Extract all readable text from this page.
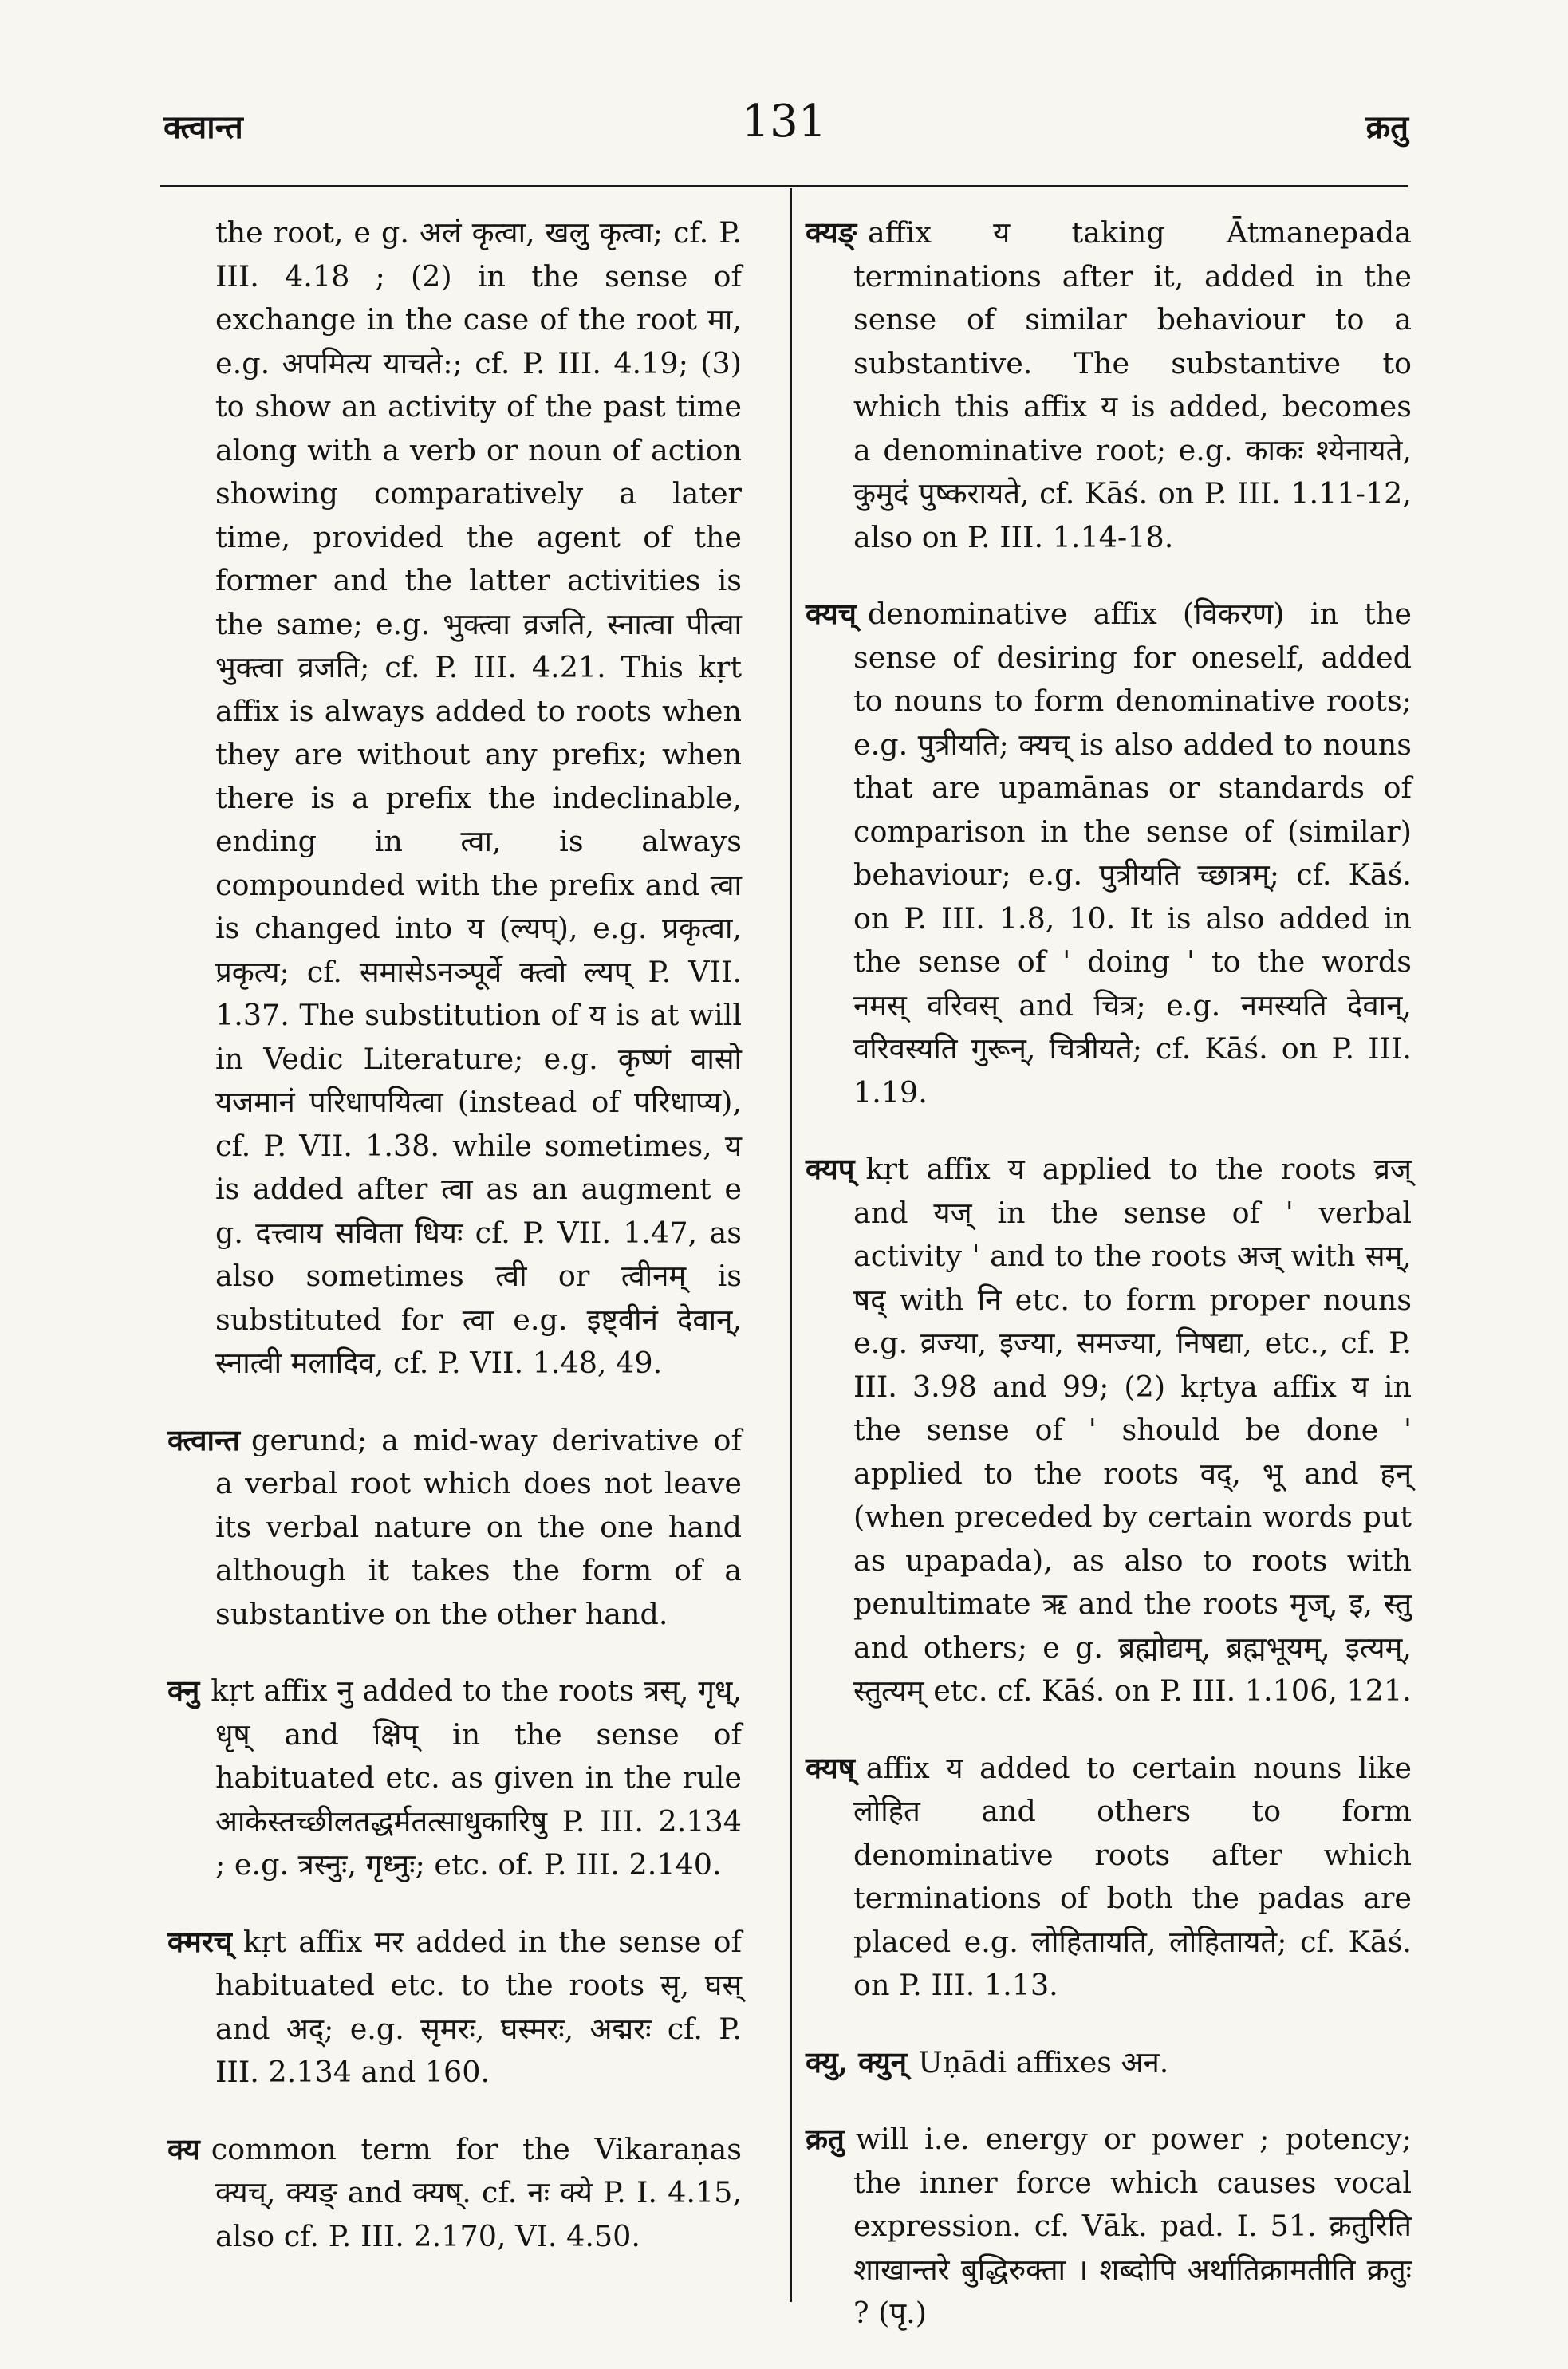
क्त्वान्त	131	क्रतु

the root, e g. अलं कृत्वा, खलु कृत्वा; cf. P. III. 4.18 ; (2) in the sense of exchange in the case of the root मा, e.g. अपमित्य याचते:; cf. P. III. 4.19; (3) to show an activity of the past time along with a verb or noun of action showing comparatively a later time, provided the agent of the former and the latter activities is the same; e.g. भुक्त्वा व्रजति, स्नात्वा पीत्वा भुक्त्वा व्रजति; cf. P. III. 4.21. This kṛt affix is always added to roots when they are without any prefix; when there is a prefix the indeclinable, ending in त्वा, is always compounded with the prefix and त्वा is changed into य (ल्यप्), e.g. प्रकृत्वा, प्रकृत्य; cf. समासेऽनञ्पूर्वे क्त्वो ल्यप् P. VII. 1.37. The substitution of य is at will in Vedic Literature; e.g. कृष्णं वासो यजमानं परिधापयित्वा (instead of परिधाप्य), cf. P. VII. 1.38. while sometimes, य is added after त्वा as an augment e g. दत्त्वाय सविता धियः cf. P. VII. 1.47, as also sometimes त्वी or त्वीनम् is substituted for त्वा e.g. इष्ट्वीनं देवान्, स्नात्वी मलादिव, cf. P. VII. 1.48, 49.

क्त्वान्त gerund; a mid-way derivative of a verbal root which does not leave its verbal nature on the one hand although it takes the form of a substantive on the other hand.

क्नु kṛt affix नु added to the roots त्रस्, गृध्, धृष् and क्षिप् in the sense of habituated etc. as given in the rule आकेस्तच्छीलतद्धर्मतत्साधुकारिषु P. III. 2.134 ; e.g. त्रस्नुः, गृध्नुः; etc. of. P. III. 2.140.

क्मरच् kṛt affix मर added in the sense of habituated etc. to the roots सृ, घस् and अद्; e.g. सृमरः, घस्मरः, अद्मरः cf. P. III. 2.134 and 160.

क्य common term for the Vikaraṇas क्यच्, क्यङ् and क्यष्. cf. नः क्ये P. I. 4.15, also cf. P. III. 2.170, VI. 4.50.

क्यङ् affix य taking Ātmanepada terminations after it, added in the sense of similar behaviour to a substantive. The substantive to which this affix य is added, becomes a denominative root; e.g. काकः श्येनायते, कुमुदं पुष्करायते, cf. Kāś. on P. III. 1.11-12, also on P. III. 1.14-18.

क्यच् denominative affix (विकरण) in the sense of desiring for oneself, added to nouns to form denominative roots; e.g. पुत्रीयति; क्यच् is also added to nouns that are upamānas or standards of comparison in the sense of (similar) behaviour; e.g. पुत्रीयति च्छात्रम्; cf. Kāś. on P. III. 1.8, 10. It is also added in the sense of ' doing ' to the words नमस् वरिवस् and चित्र; e.g. नमस्यति देवान्, वरिवस्यति गुरून्, चित्रीयते; cf. Kāś. on P. III. 1.19.

क्यप् kṛt affix य applied to the roots व्रज् and यज् in the sense of ' verbal activity ' and to the roots अज् with सम्, षद् with नि etc. to form proper nouns e.g. व्रज्या, इज्या, समज्या, निषद्या, etc., cf. P. III. 3.98 and 99; (2) kṛtya affix य in the sense of ' should be done ' applied to the roots वद्, भू and हन् (when preceded by certain words put as upapada), as also to roots with penultimate ऋ and the roots मृज्, इ, स्तु and others; e g. ब्रह्मोद्यम्, ब्रह्मभूयम्, इत्यम्, स्तुत्यम् etc. cf. Kāś. on P. III. 1.106, 121.

क्यष् affix य added to certain nouns like लोहित and others to form denominative roots after which terminations of both the padas are placed e.g. लोहितायति, लोहितायते; cf. Kāś. on P. III. 1.13.

क्यु, क्युन् Uṇādi affixes अन.

क्रतु will i.e. energy or power ; potency; the inner force which causes vocal expression. cf. Vāk. pad. I. 51. क्रतुरिति शाखान्तरे बुद्धिरुक्ता । शब्दोपि अर्थातिक्रामतीति क्रतुः ? (पृ.)
